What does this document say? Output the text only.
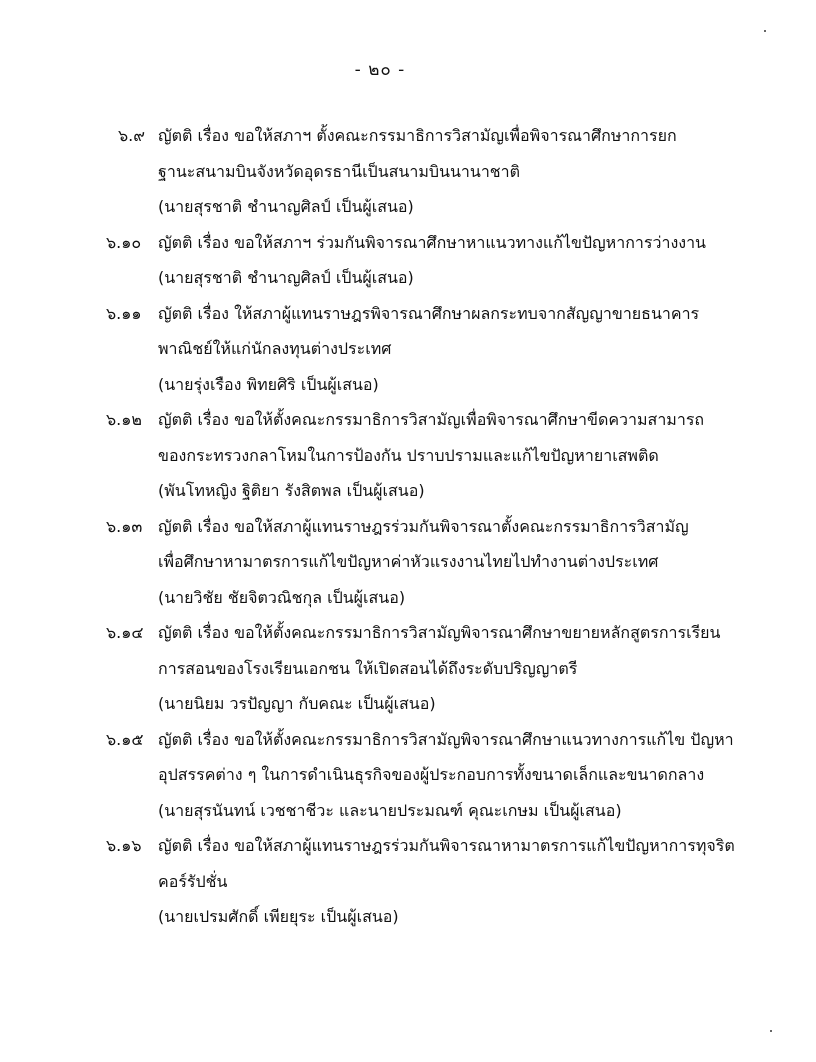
- ๒๐ -
๖.๙ ญัตติ เรื่อง ขอให้สภาฯ ตั้งคณะกรรมาธิการวิสามัญเพื่อพิจารณาศึกษาการยก
ฐานะสนามบินจังหวัดอุดรธานีเป็นสนามบินนานาชาติ
(นายสุรชาติ ชำนาญศิลป์ เป็นผู้เสนอ)
๖.๑๐ ญัตติ เรื่อง ขอให้สภาฯ ร่วมกันพิจารณาศึกษาหาแนวทางแก้ไขปัญหาการว่างงาน
(นายสุรชาติ ชำนาญศิลป์ เป็นผู้เสนอ)
๖.๑๑ ญัตติ เรื่อง ให้สภาผู้แทนราษฎรพิจารณาศึกษาผลกระทบจากสัญญาขายธนาคาร
พาณิชย์ให้แก่นักลงทุนต่างประเทศ
(นายรุ่งเรือง พิทยศิริ เป็นผู้เสนอ)
๖.๑๒ ญัตติ เรื่อง ขอให้ตั้งคณะกรรมาธิการวิสามัญเพื่อพิจารณาศึกษาขีดความสามารถ
ของกระทรวงกลาโหมในการป้องกัน ปราบปรามและแก้ไขปัญหายาเสพติด
(พันโทหญิง ฐิติยา รังสิตพล เป็นผู้เสนอ)
๖.๑๓ ญัตติ เรื่อง ขอให้สภาผู้แทนราษฎรร่วมกันพิจารณาตั้งคณะกรรมาธิการวิสามัญ
เพื่อศึกษาหามาตรการแก้ไขปัญหาค่าหัวแรงงานไทยไปทำงานต่างประเทศ
(นายวิชัย ชัยจิตวณิชกุล เป็นผู้เสนอ)
๖.๑๔ ญัตติ เรื่อง ขอให้ตั้งคณะกรรมาธิการวิสามัญพิจารณาศึกษาขยายหลักสูตรการเรียน
การสอนของโรงเรียนเอกชน ให้เปิดสอนได้ถึงระดับปริญญาตรี
(นายนิยม วรปัญญา กับคณะ เป็นผู้เสนอ)
๖.๑๕ ญัตติ เรื่อง ขอให้ตั้งคณะกรรมาธิการวิสามัญพิจารณาศึกษาแนวทางการแก้ไข ปัญหา
อุปสรรคต่าง ๆ ในการดำเนินธุรกิจของผู้ประกอบการทั้งขนาดเล็กและขนาดกลาง
(นายสุรนันทน์ เวชชาชีวะ และนายประมณฑ์ คุณะเกษม เป็นผู้เสนอ)
๖.๑๖ ญัตติ เรื่อง ขอให้สภาผู้แทนราษฎรร่วมกันพิจารณาหามาตรการแก้ไขปัญหาการทุจริต
คอร์รัปชั่น
(นายเปรมศักดิ์ เพียยุระ เป็นผู้เสนอ)
